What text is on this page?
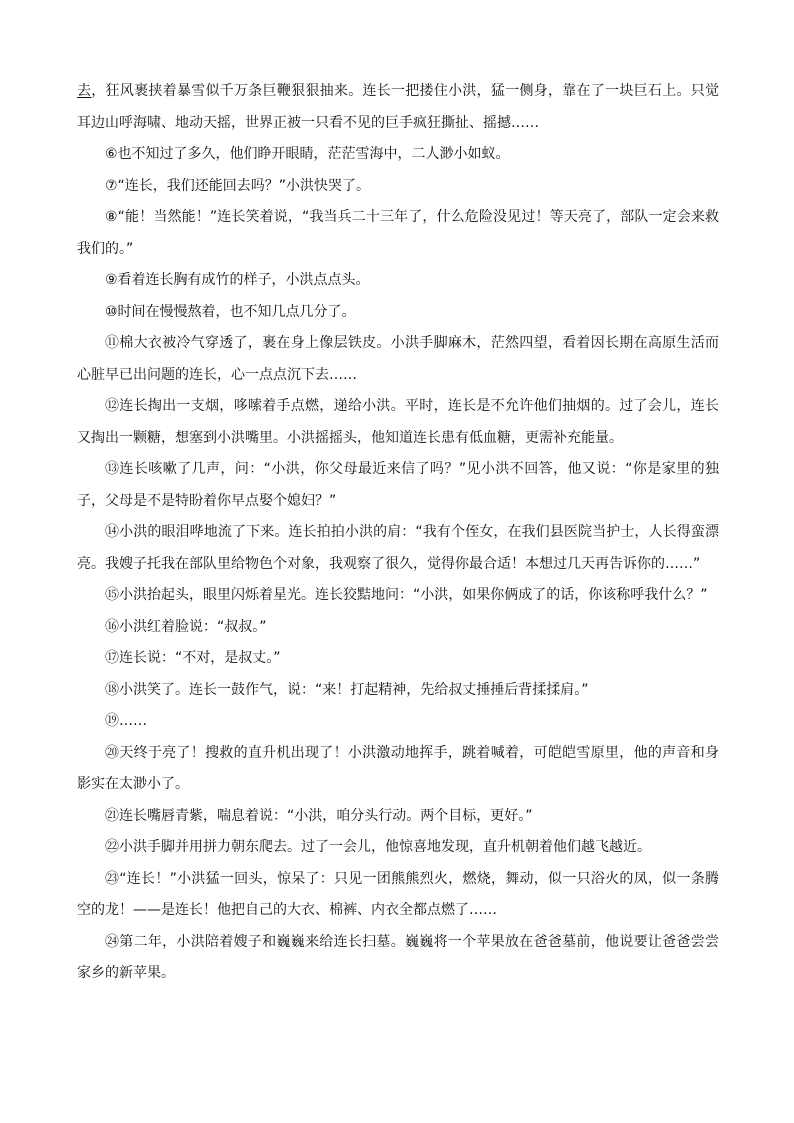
去，狂风裹挟着暴雪似千万条巨鞭狠狠抽来。连长一把搂住小洪，猛一侧身，靠在了一块巨石上。只觉耳边山呼海啸、地动天摇，世界正被一只看不见的巨手疯狂撕扯、摇撼……

⑥也不知过了多久，他们睁开眼睛，茫茫雪海中，二人渺小如蚁。

⑦“连长，我们还能回去吗？”小洪快哭了。

⑧“能！当然能！”连长笑着说，“我当兵二十三年了，什么危险没见过！等天亮了，部队一定会来救我们的。”

⑨看着连长胸有成竹的样子，小洪点点头。

⑩时间在慢慢熬着，也不知几点几分了。

⑪棉大衣被冷气穿透了，裹在身上像层铁皮。小洪手脚麻木，茫然四望，看着因长期在高原生活而心脏早已出问题的连长，心一点点沉下去……

⑫连长掏出一支烟，哆嗦着手点燃，递给小洪。平时，连长是不允许他们抽烟的。过了会儿，连长又掏出一颗糖，想塞到小洪嘴里。小洪摇摇头，他知道连长患有低血糖，更需补充能量。

⑬连长咳嗽了几声，问：“小洪，你父母最近来信了吗？”见小洪不回答，他又说：“你是家里的独子，父母是不是特盼着你早点娶个媳妇？”

⑭小洪的眼泪哗地流了下来。连长拍拍小洪的肩：“我有个侄女，在我们县医院当护士，人长得蛮漂亮。我嫂子托我在部队里给物色个对象，我观察了很久，觉得你最合适！本想过几天再告诉你的……”

⑮小洪抬起头，眼里闪烁着星光。连长狡黠地问：“小洪，如果你俩成了的话，你该称呼我什么？”

⑯小洪红着脸说：“叔叔。”

⑰连长说：“不对，是叔丈。”

⑱小洪笑了。连长一鼓作气，说：“来！打起精神，先给叔丈捶捶后背揉揉肩。”

⑲……

⑳天终于亮了！搜救的直升机出现了！小洪激动地挥手，跳着喊着，可皑皑雪原里，他的声音和身影实在太渺小了。

㉑连长嘴唇青紫，喘息着说：“小洪，咱分头行动。两个目标，更好。”

㉒小洪手脚并用拼力朝东爬去。过了一会儿，他惊喜地发现，直升机朝着他们越飞越近。

㉓“连长！”小洪猛一回头，惊呆了：只见一团熊熊烈火，燃烧，舞动，似一只浴火的凤，似一条腾空的龙！——是连长！他把自己的大衣、棉裤、内衣全都点燃了……

㉔第二年，小洪陪着嫂子和巍巍来给连长扫墓。巍巍将一个苹果放在爸爸墓前，他说要让爸爸尝尝家乡的新苹果。
